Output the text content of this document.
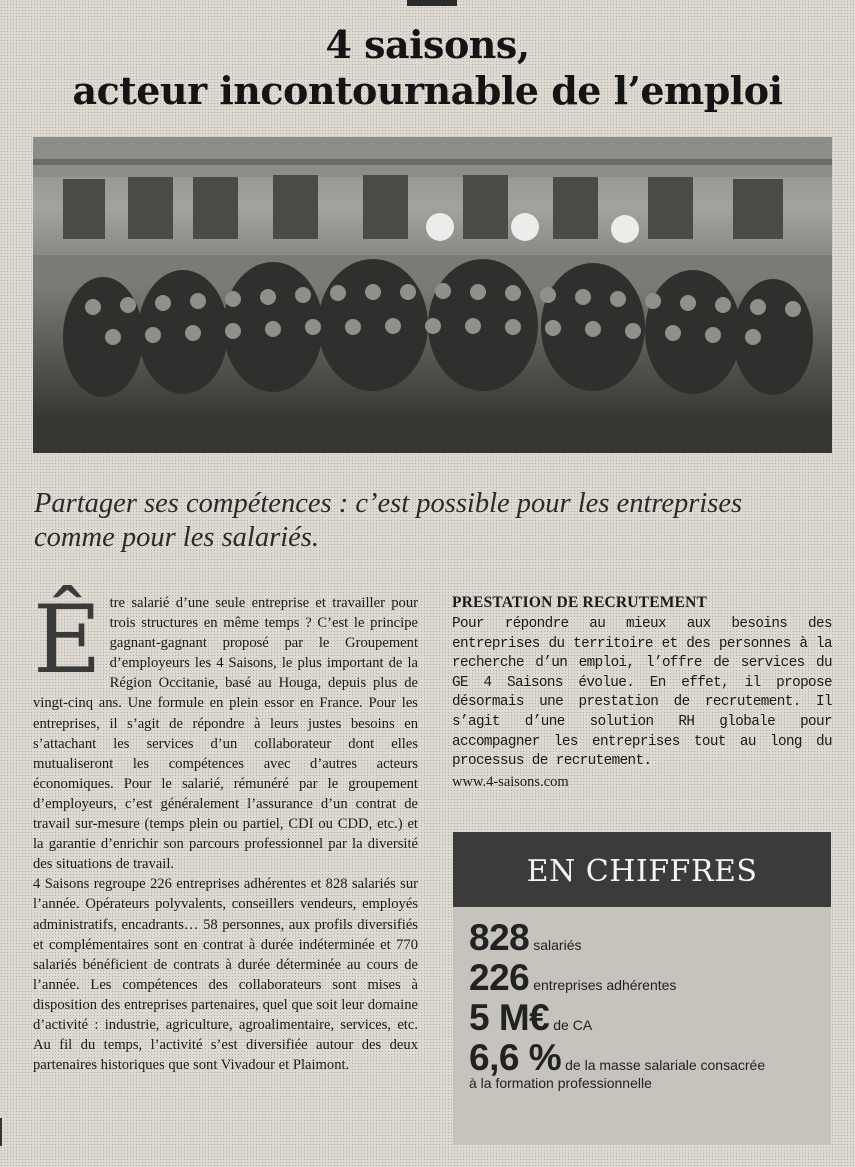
4 saisons,
acteur incontournable de l’emploi
Partager ses compétences : c’est possible pour les entreprises comme pour les salariés.
Ê tre salarié d’une seule entreprise et travailler pour trois structures en même temps ? C’est le principe gagnant-gagnant proposé par le Groupement d’employeurs les 4 Saisons, le plus important de la Région Occitanie, basé au Houga, depuis plus de vingt-cinq ans. Une formule en plein essor en France. Pour les entreprises, il s’agit de répondre à leurs justes besoins en s’attachant les services d’un collaborateur dont elles mutualiseront les compétences avec d’autres acteurs économiques. Pour le salarié, rémunéré par le groupement d’employeurs, c’est généralement l’assurance d’un contrat de travail sur-mesure (temps plein ou partiel, CDI ou CDD, etc.) et la garantie d’enrichir son parcours professionnel par la diversité des situations de travail.

4 Saisons regroupe 226 entreprises adhérentes et 828 salariés sur l’année. Opérateurs polyvalents, conseillers vendeurs, employés administratifs, encadrants… 58 personnes, aux profils diversifiés et complémentaires sont en contrat à durée indéterminée et 770 salariés bénéficient de contrats à durée déterminée au cours de l’année. Les compétences des collaborateurs sont mises à disposition des entreprises partenaires, quel que soit leur domaine d’activité : industrie, agriculture, agroalimentaire, services, etc. Au fil du temps, l’activité s’est diversifiée autour des deux partenaires historiques que sont Vivadour et Plaimont.

PRESTATION DE RECRUTEMENT

Pour répondre au mieux aux besoins des entreprises du territoire et des personnes à la recherche d’un emploi, l’offre de services du GE 4 Saisons évolue. En effet, il propose désormais une prestation de recrutement. Il s’agit d’une solution RH globale pour accompagner les entreprises tout au long du processus de recrutement.

www.4-saisons.com
EN CHIFFRES
828 salariés
226 entreprises adhérentes
5 M€ de CA
6,6 % de la masse salariale consacrée
à la formation professionnelle
